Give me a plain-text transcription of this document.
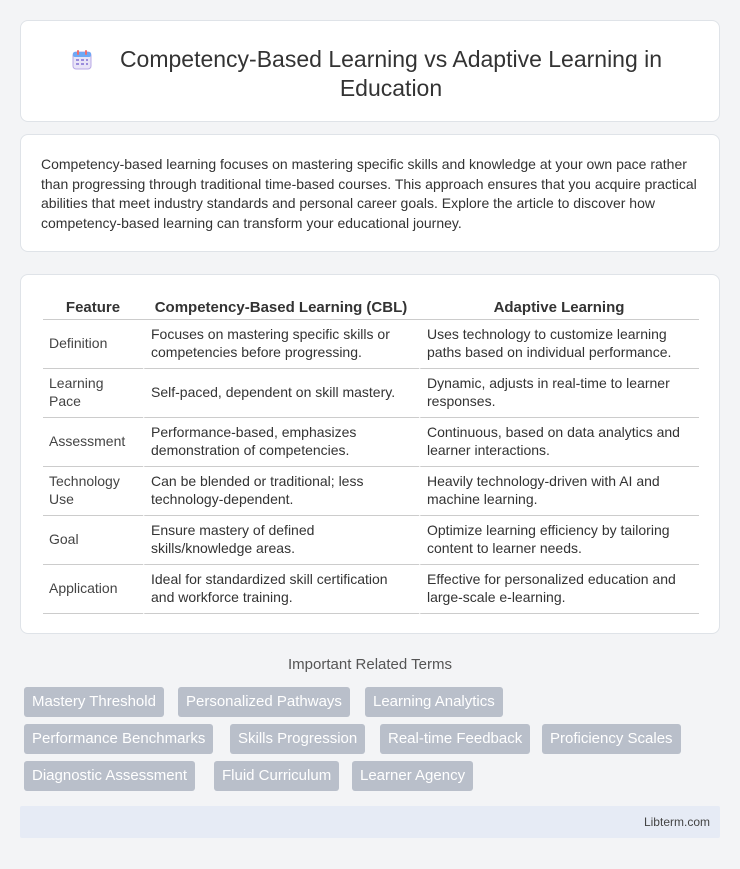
Competency-Based Learning vs Adaptive Learning in Education

Competency-based learning focuses on mastering specific skills and knowledge at your own pace rather than progressing through traditional time-based courses. This approach ensures that you acquire practical abilities that meet industry standards and personal career goals. Explore the article to discover how competency-based learning can transform your educational journey.

Feature	Competency-Based Learning (CBL)	Adaptive Learning
Definition	Focuses on mastering specific skills or competencies before progressing.	Uses technology to customize learning paths based on individual performance.
Learning Pace	Self-paced, dependent on skill mastery.	Dynamic, adjusts in real-time to learner responses.
Assessment	Performance-based, emphasizes demonstration of competencies.	Continuous, based on data analytics and learner interactions.
Technology Use	Can be blended or traditional; less technology-dependent.	Heavily technology-driven with AI and machine learning.
Goal	Ensure mastery of defined skills/knowledge areas.	Optimize learning efficiency by tailoring content to learner needs.
Application	Ideal for standardized skill certification and workforce training.	Effective for personalized education and large-scale e-learning.
Important Related Terms
Mastery Threshold	Personalized Pathways	Learning Analytics
Performance Benchmarks	Skills Progression	Real-time Feedback	Proficiency Scales
Diagnostic Assessment	Fluid Curriculum	Learner Agency
Libterm.com
